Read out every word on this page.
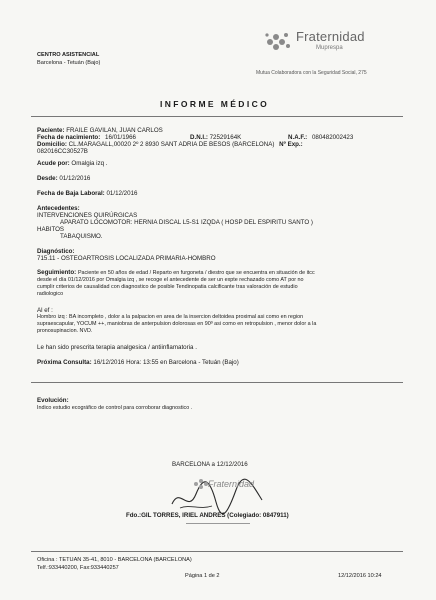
CENTRO ASISTENCIAL
Barcelona - Tetuán (Bajo)
Fraternidad
Muprespa
Mutua Colaboradora con la Seguridad Social, 275
INFORME MÉDICO
Paciente: FRAILE GAVILAN, JUAN CARLOS
Fecha de nacimiento: 16/01/1966	D.N.I.: 72529164K	N.A.F.: 080482002423
Domicilio: CL.MARAGALL,00020 2º 2 8930 SANT ADRIA DE BESOS (BARCELONA) Nº Exp.:
082016CC30527B
Acude por: Omalgia izq .
Desde: 01/12/2016
Fecha de Baja Laboral: 01/12/2016
Antecedentes:
INTERVENCIONES QUIRÚRGICAS
APARATO LOCOMOTOR: HERNIA DISCAL L5-S1 IZQDA ( HOSP DEL ESPIRITU SANTO )
HABITOS
TABAQUISMO.
Diagnóstico:
715.11 - OSTEOARTROSIS LOCALIZADA PRIMARIA-HOMBRO
Seguimiento: Paciente en 50 años de edad / Reparto en furgoneta / diestro que se encuentra en situación de itcc
desde el día 01/12/2016 por Omalgia izq , se recoge el antecedente de ser un expte rechazado como AT por no
cumplir criterios de causalidad con diagnostico de posible Tendinopatia calcificante tras valoración de estudio
radiologico
Al ef :
Hombro izq : BA incompleto , dolor a la palpacion en area de la insercion deltoidea proximal asi como en region
supraescapular, YOCUM ++, maniobras de anterpulsion dolorosas en 90º asi como en retropulsion , menor dolor a la
pronosupinacion. NVD.
Le han sido prescrita terapia analgesica / antiinflamatoria .
Próxima Consulta: 16/12/2016 Hora: 13:55 en Barcelona - Tetuán (Bajo)
Evolución:
Indico estudio ecográfico de control para corroborar diagnostico .
BARCELONA a 12/12/2016
Fraternidad
Fdo.:GIL TORRES, IRIEL ANDRES (Colegiado: 0847911)
Oficina : TETUAN 35-41, 8010 - BARCELONA (BARCELONA)
Telf.:933440200, Fax:933440257
Página 1 de 2	12/12/2016 10:24
